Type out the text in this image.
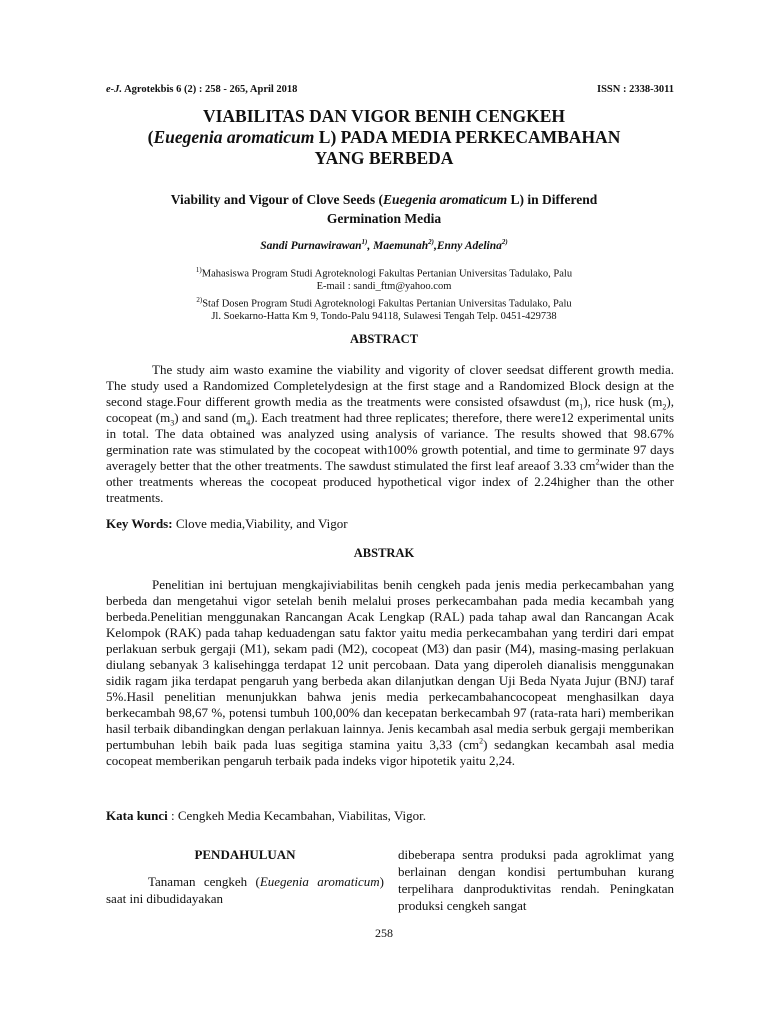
e-J. Agrotekbis 6 (2) : 258 - 265, April 2018	ISSN : 2338-3011
VIABILITAS DAN VIGOR BENIH CENGKEH
(Euegenia aromaticum L) PADA MEDIA PERKECAMBAHAN
YANG BERBEDA
Viability and Vigour of Clove Seeds (Euegenia aromaticum L) in Differend
Germination Media
Sandi Purnawirawan$^{1)}$, Maemunah$^{2)}$,Enny Adelina$^{2)}$
$^{1)}$Mahasiswa Program Studi Agroteknologi Fakultas Pertanian Universitas Tadulako, Palu
E-mail : sandi_ftm@yahoo.com
$^{2)}$Staf Dosen Program Studi Agroteknologi Fakultas Pertanian Universitas Tadulako, Palu
Jl. Soekarno-Hatta Km 9, Tondo-Palu 94118, Sulawesi Tengah Telp. 0451-429738
ABSTRACT
The study aim wasto examine the viability and vigority of clover seedsat different growth media. The study used a Randomized Completelydesign at the first stage and a Randomized Block design at the second stage.Four different growth media as the treatments were consisted ofsawdust $(m_1)$, rice husk $(m_2)$, cocopeat $(m_3)$ and sand $(m_4)$. Each treatment had three replicates; therefore, there were12 experimental units in total. The data obtained was analyzed using analysis of variance. The results showed that 98.67% germination rate was stimulated by the cocopeat with100% growth potential, and time to germinate 97 days averagely better that the other treatments. The sawdust stimulated the first leaf areaof 3.33 $cm^2wider$ than the other treatments whereas the cocopeat produced hypothetical vigor index of 2.24higher than the other treatments.
Key Words: Clove media,Viability, and Vigor
ABSTRAK
Penelitian ini bertujuan mengkajiviabilitas benih cengkeh pada jenis media perkecambahan yang berbeda dan mengetahui vigor setelah benih melalui proses perkecambahan pada media kecambah yang berbeda.Penelitian menggunakan Rancangan Acak Lengkap (RAL) pada tahap awal dan Rancangan Acak Kelompok (RAK) pada tahap keduadengan satu faktor yaitu media perkecambahan yang terdiri dari empat perlakuan serbuk gergaji (M1), sekam padi (M2), cocopeat (M3) dan pasir (M4), masing-masing perlakuan diulang sebanyak 3 kalisehingga terdapat 12 unit percobaan. Data yang diperoleh dianalisis menggunakan sidik ragam jika terdapat pengaruh yang berbeda akan dilanjutkan dengan Uji Beda Nyata Jujur (BNJ) taraf 5%.Hasil penelitian menunjukkan bahwa jenis media perkecambahancocopeat menghasilkan daya berkecambah 98,67 %, potensi tumbuh 100,00% dan kecepatan berkecambah 97 (rata-rata hari) memberikan hasil terbaik dibandingkan dengan perlakuan lainnya. Jenis kecambah asal media serbuk gergaji memberikan pertumbuhan lebih baik pada luas segitiga stamina yaitu 3,33 $(cm^2)$ sedangkan kecambah asal media cocopeat memberikan pengaruh terbaik pada indeks vigor hipotetik yaitu 2,24.
Kata kunci : Cengkeh Media Kecambahan, Viabilitas, Vigor.
PENDAHULUAN
Tanaman cengkeh (Euegenia aromaticum) saat ini dibudidayakan
dibeberapa sentra produksi pada agroklimat yang berlainan dengan kondisi pertumbuhan kurang terpelihara danproduktivitas rendah. Peningkatan produksi cengkeh sangat
258
